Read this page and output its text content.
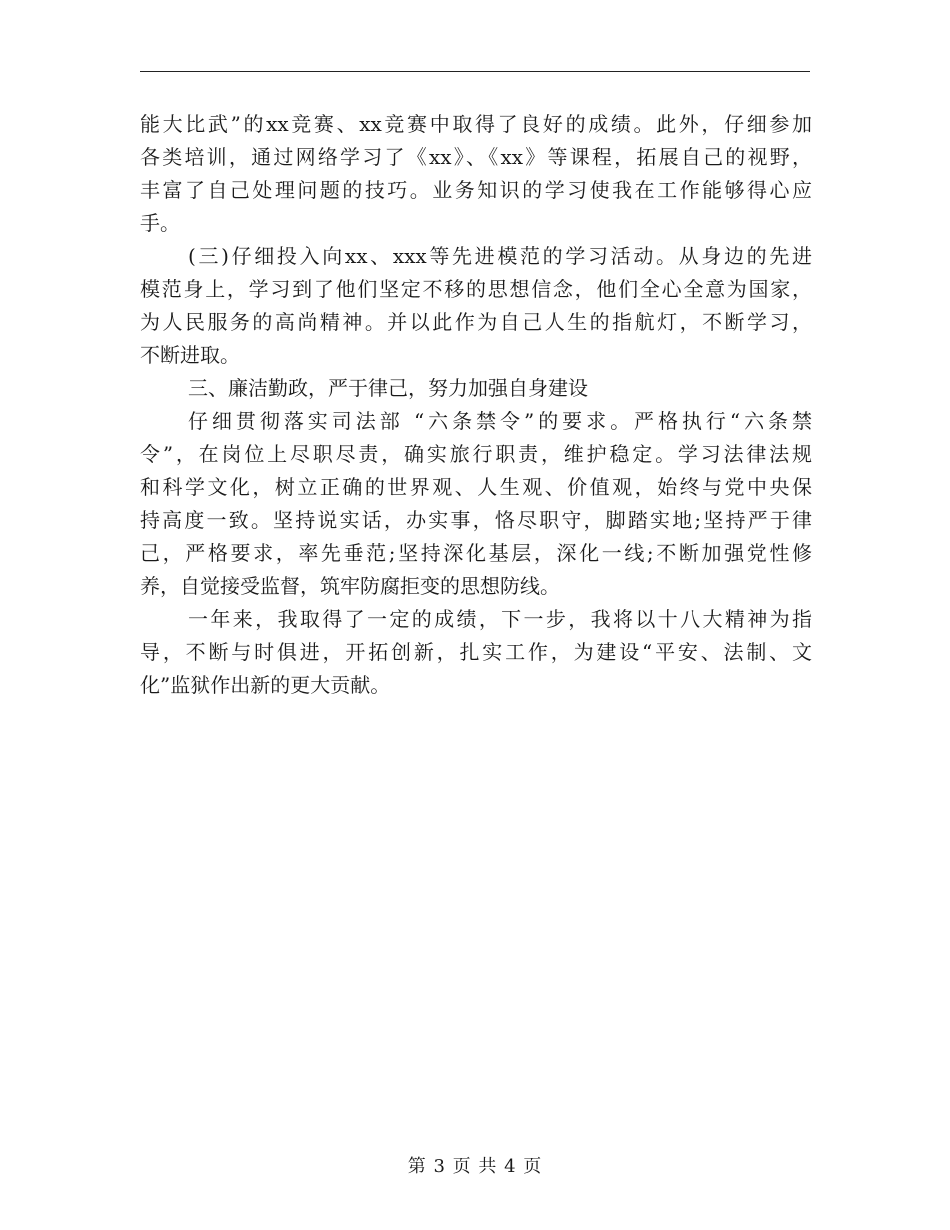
能大比武”的xx竞赛、xx竞赛中取得了良好的成绩。此外，仔细参加
各类培训，通过网络学习了《xx》、《xx》等课程，拓展自己的视野，
丰富了自己处理问题的技巧。业务知识的学习使我在工作能够得心应
手。
(三)仔细投入向xx、xxx等先进模范的学习活动。从身边的先进
模范身上，学习到了他们坚定不移的思想信念，他们全心全意为国家，
为人民服务的高尚精神。并以此作为自己人生的指航灯，不断学习，
不断进取。
三、廉洁勤政，严于律己，努力加强自身建设
仔细贯彻落实司法部 “六条禁令”的要求。严格执行“六条禁
令”，在岗位上尽职尽责，确实旅行职责，维护稳定。学习法律法规
和科学文化，树立正确的世界观、人生观、价值观，始终与党中央保
持高度一致。坚持说实话，办实事，恪尽职守，脚踏实地;坚持严于律
己，严格要求，率先垂范;坚持深化基层，深化一线;不断加强党性修
养，自觉接受监督，筑牢防腐拒变的思想防线。
一年来，我取得了一定的成绩，下一步，我将以十八大精神为指
导，不断与时俱进，开拓创新，扎实工作，为建设“平安、法制、文
化”监狱作出新的更大贡献。
第 3 页 共 4 页
